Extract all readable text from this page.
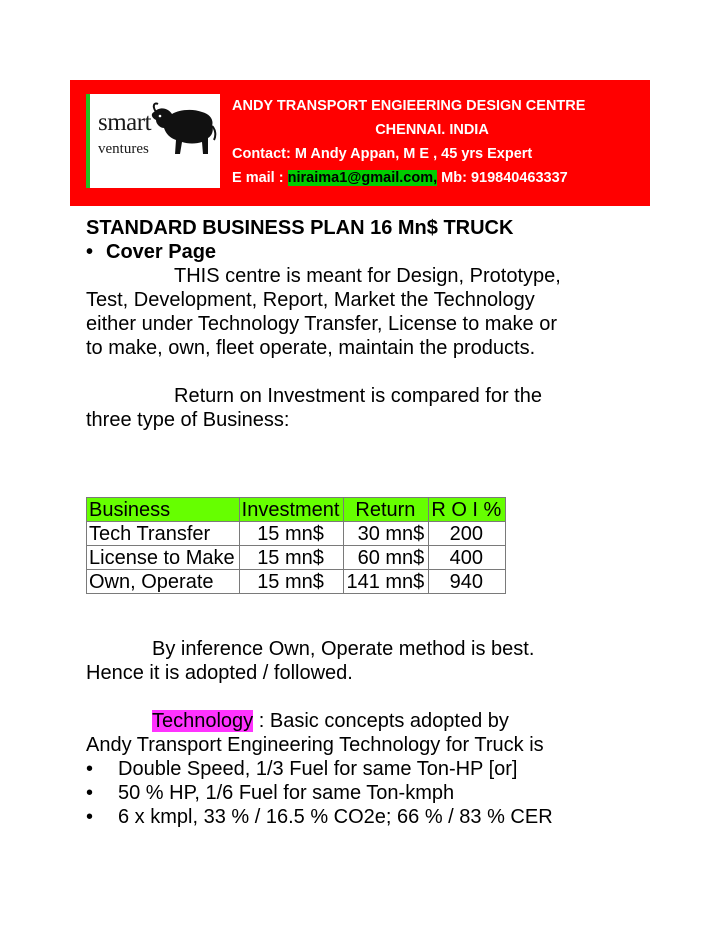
smart
ventures
ANDY TRANSPORT ENGIEERING DESIGN CENTRE
CHENNAI. INDIA
Contact: M Andy Appan, M E , 45 yrs Expert
E mail : niraima1@gmail.com, Mb: 919840463337
STANDARD BUSINESS PLAN 16 Mn$ TRUCK
• Cover Page
THIS centre is meant for Design, Prototype,
Test, Development, Report, Market the Technology
either under Technology Transfer, License to make or
to make, own, fleet operate, maintain the products.
Return on Investment is compared for the
three type of Business:
Business	Investment	Return	R O I %
Tech Transfer	15 mn$	30 mn$	200
License to Make	15 mn$	60 mn$	400
Own, Operate	15 mn$	141 mn$	940
By inference Own, Operate method is best.
Hence it is adopted / followed.
Technology : Basic concepts adopted by
Andy Transport Engineering Technology for Truck is
• Double Speed, 1/3 Fuel for same Ton-HP [or]
• 50 % HP, 1/6 Fuel for same Ton-kmph
• 6 x kmpl, 33 % / 16.5 % CO2e; 66 % / 83 % CER
